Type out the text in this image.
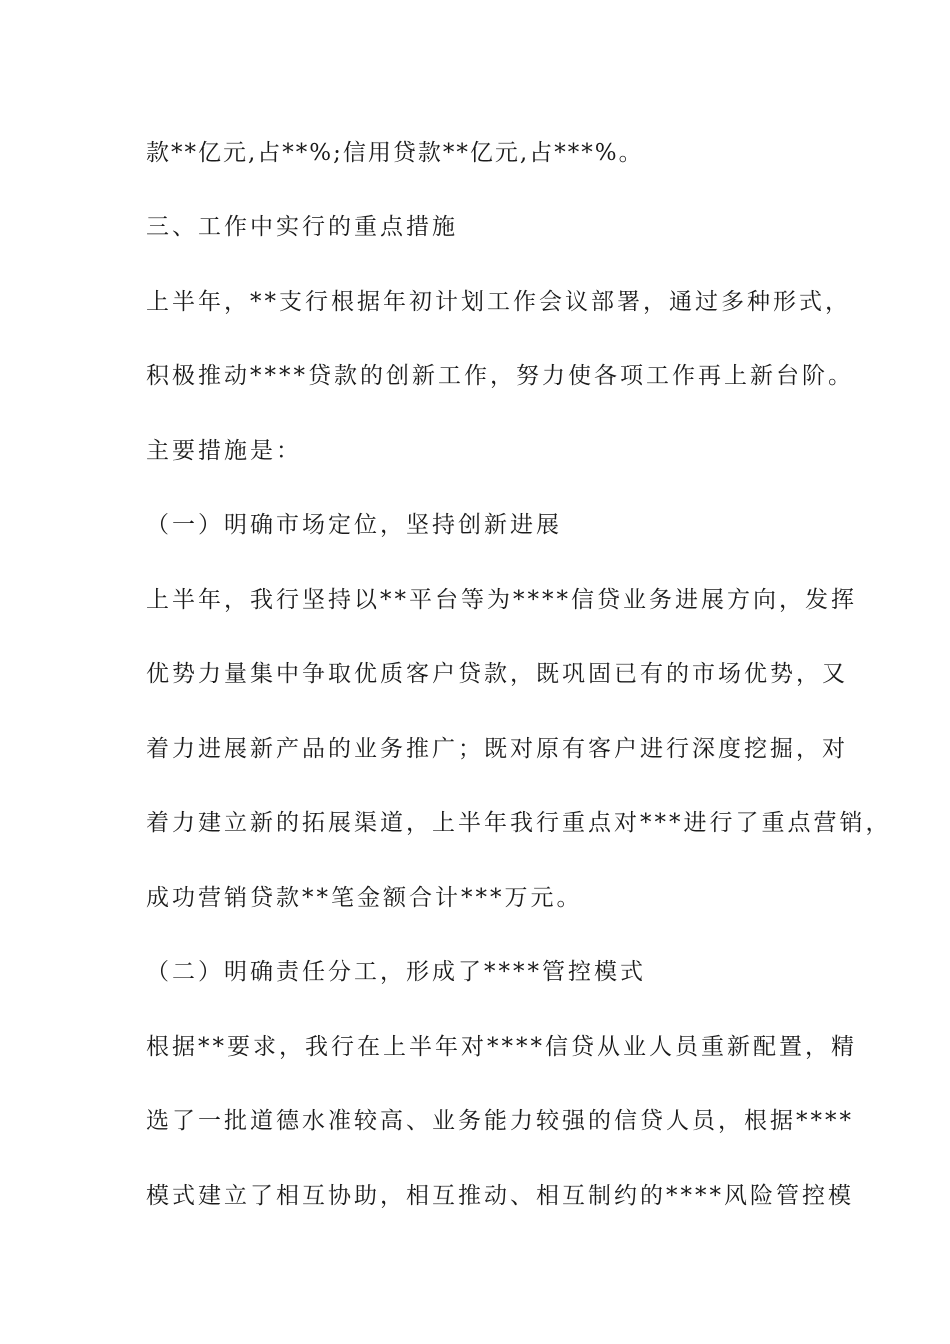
款**亿元,占**%;信用贷款**亿元,占***%。
三、工作中实行的重点措施
上半年，**支行根据年初计划工作会议部署，通过多种形式，
积极推动****贷款的创新工作，努力使各项工作再上新台阶。
主要措施是：
（一）明确市场定位，坚持创新进展
上半年，我行坚持以**平台等为****信贷业务进展方向，发挥
优势力量集中争取优质客户贷款，既巩固已有的市场优势，又
着力进展新产品的业务推广；既对原有客户进行深度挖掘，对
着力建立新的拓展渠道，上半年我行重点对***进行了重点营销，
成功营销贷款**笔金额合计***万元。
（二）明确责任分工，形成了****管控模式
根据**要求，我行在上半年对****信贷从业人员重新配置，精
选了一批道德水准较高、业务能力较强的信贷人员，根据****
模式建立了相互协助，相互推动、相互制约的****风险管控模
